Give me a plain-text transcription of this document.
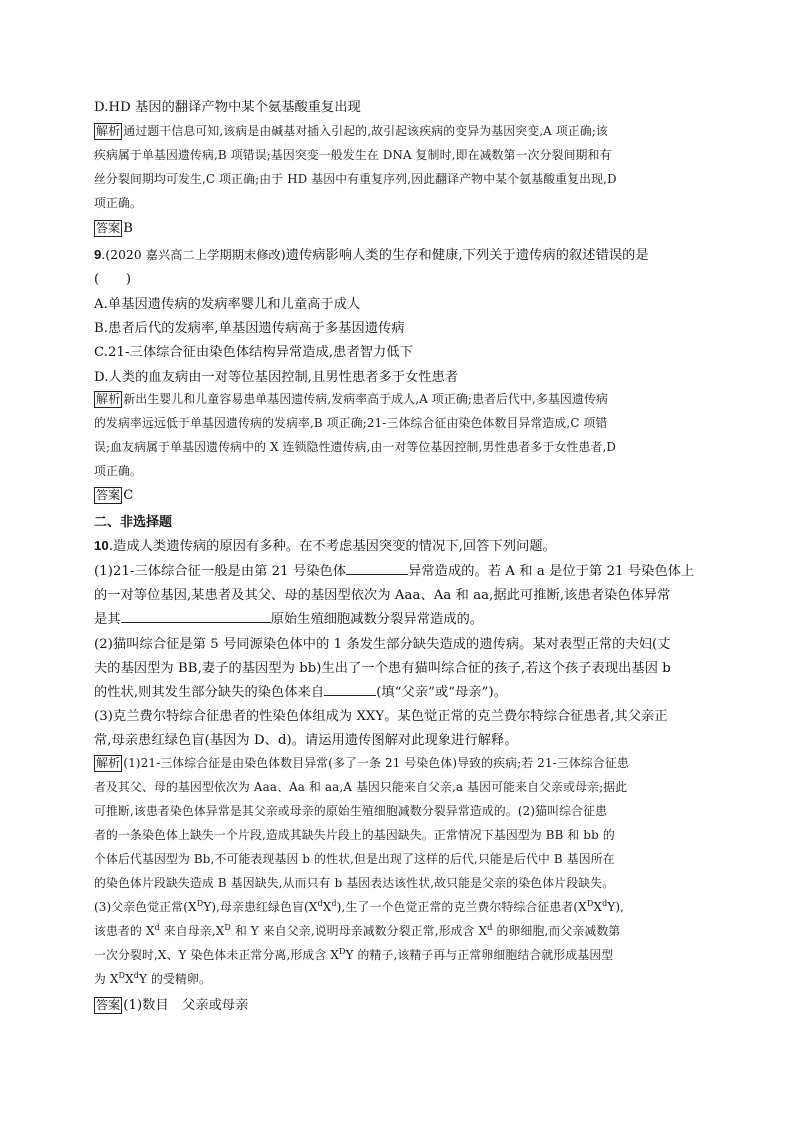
D.HD 基因的翻译产物中某个氨基酸重复出现
解析 通过题干信息可知,该病是由碱基对插入引起的,故引起该疾病的变异为基因突变,A 项正确;该
疾病属于单基因遗传病,B 项错误;基因突变一般发生在 DNA 复制时,即在减数第一次分裂间期和有
丝分裂间期均可发生,C 项正确;由于 HD 基因中有重复序列,因此翻译产物中某个氨基酸重复出现,D
项正确。
答案 B
9.(2020 嘉兴高二上学期期末修改)遗传病影响人类的生存和健康,下列关于遗传病的叙述错误的是
(　　)
A.单基因遗传病的发病率婴儿和儿童高于成人
B.患者后代的发病率,单基因遗传病高于多基因遗传病
C.21-三体综合征由染色体结构异常造成,患者智力低下
D.人类的血友病由一对等位基因控制,且男性患者多于女性患者
解析 新出生婴儿和儿童容易患单基因遗传病,发病率高于成人,A 项正确;患者后代中,多基因遗传病
的发病率远远低于单基因遗传病的发病率,B 项正确;21-三体综合征由染色体数目异常造成,C 项错
误;血友病属于单基因遗传病中的 X 连锁隐性遗传病,由一对等位基因控制,男性患者多于女性患者,D
项正确。
答案 C
二、非选择题
10.造成人类遗传病的原因有多种。在不考虑基因突变的情况下,回答下列问题。
(1)21-三体综合征一般是由第 21 号染色体	异常造成的。若 A 和 a 是位于第 21 号染色体上
的一对等位基因,某患者及其父、母的基因型依次为 Aaa、Aa 和 aa,据此可推断,该患者染色体异常
是其	原始生殖细胞减数分裂异常造成的。
(2)猫叫综合征是第 5 号同源染色体中的 1 条发生部分缺失造成的遗传病。某对表型正常的夫妇(丈
夫的基因型为 BB,妻子的基因型为 bb)生出了一个患有猫叫综合征的孩子,若这个孩子表现出基因 b
的性状,则其发生部分缺失的染色体来自	(填“父亲”或“母亲”)。
(3)克兰费尔特综合征患者的性染色体组成为 XXY。某色觉正常的克兰费尔特综合征患者,其父亲正
常,母亲患红绿色盲(基因为 D、d)。请运用遗传图解对此现象进行解释。
解析 (1)21-三体综合征是由染色体数目异常(多了一条 21 号染色体)导致的疾病;若 21-三体综合征患
者及其父、母的基因型依次为 Aaa、Aa 和 aa,A 基因只能来自父亲,a 基因可能来自父亲或母亲;据此
可推断,该患者染色体异常是其父亲或母亲的原始生殖细胞减数分裂异常造成的。(2)猫叫综合征患
者的一条染色体上缺失一个片段,造成其缺失片段上的基因缺失。正常情况下基因型为 BB 和 bb 的
个体后代基因型为 Bb,不可能表现基因 b 的性状,但是出现了这样的后代,只能是后代中 B 基因所在
的染色体片段缺失造成 B 基因缺失,从而只有 b 基因表达该性状,故只能是父亲的染色体片段缺失。
(3)父亲色觉正常$(X^DY)$,母亲患红绿色盲$(X^dX^d)$,生了一个色觉正常的克兰费尔特综合征患者$(X^DX^dY)$,
该患者的 $X^d$ 来自母亲$,X^D$ 和 Y 来自父亲,说明母亲减数分裂正常,形成含 $X^d$ 的卵细胞,而父亲减数第
一次分裂时,X、Y 染色体未正常分离,形成含 $X^DY$ 的精子,该精子再与正常卵细胞结合就形成基因型
为 $X^DX^dY$ 的受精卵。
答案 (1)数目　父亲或母亲
